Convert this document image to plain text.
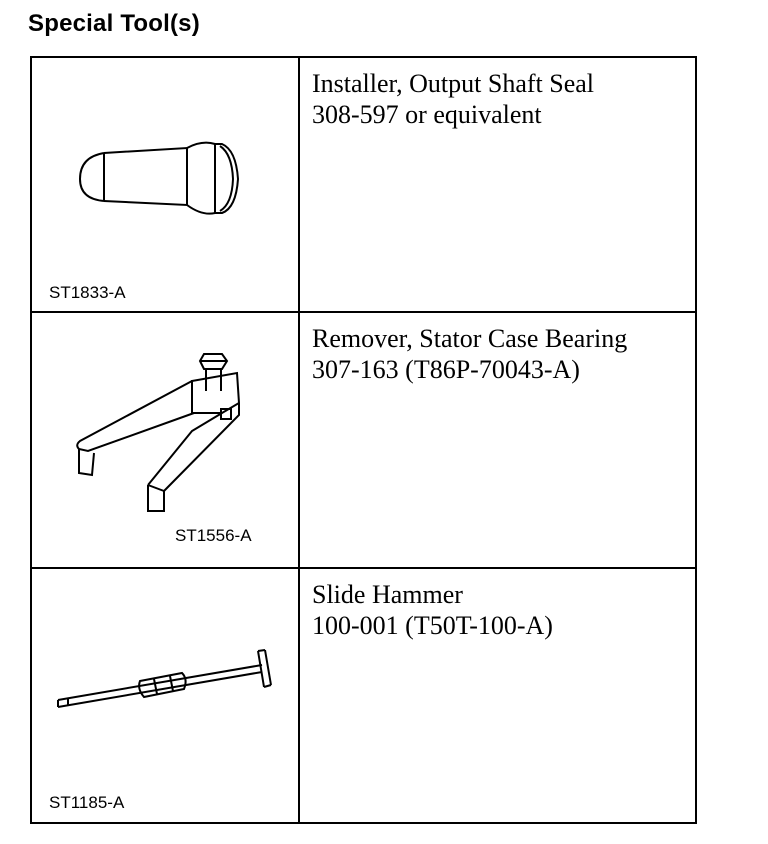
Special Tool(s)
ST1833-A	Installer, Output Shaft Seal
308-597 or equivalent

ST1556-A	Remover, Stator Case Bearing
307-163 (T86P-70043-A)

ST1185-A	Slide Hammer
100-001 (T50T-100-A)
